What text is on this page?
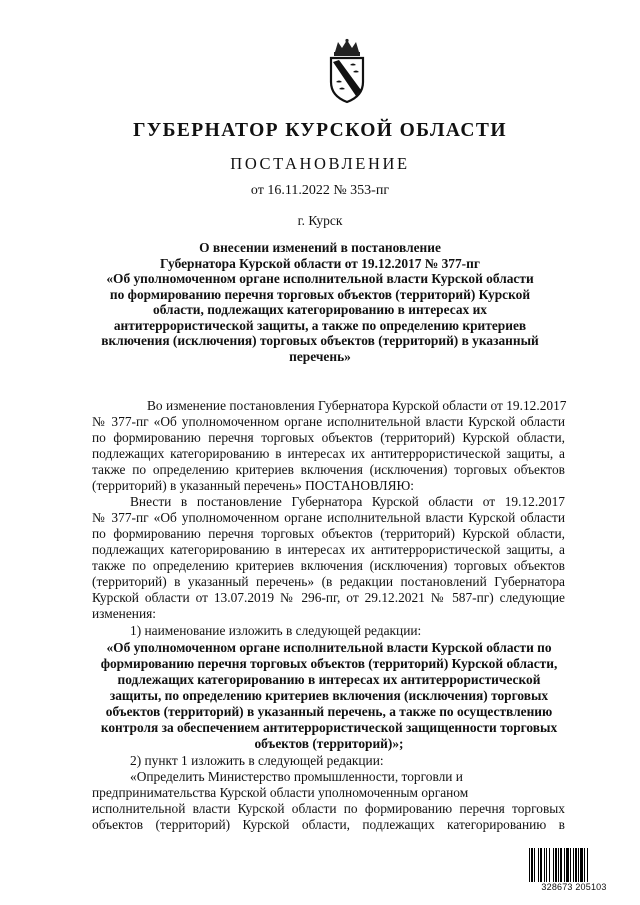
ГУБЕРНАТОР КУРСКОЙ ОБЛАСТИ
ПОСТАНОВЛЕНИЕ
от 16.11.2022 № 353-пг
г. Курск
О внесении изменений в постановление
Губернатора Курской области от 19.12.2017 № 377-пг
«Об уполномоченном органе исполнительной власти Курской области
по формированию перечня торговых объектов (территорий) Курской
области, подлежащих категорированию в интересах их
антитеррористической защиты, а также по определению критериев
включения (исключения) торговых объектов (территорий) в указанный
перечень»
Во изменение постановления Губернатора Курской области от 19.12.2017
№ 377-пг «Об уполномоченном органе исполнительной власти Курской области
по формированию перечня торговых объектов (территорий) Курской области,
подлежащих категорированию в интересах их антитеррористической защиты, а
также по определению критериев включения (исключения) торговых объектов
(территорий) в указанный перечень» ПОСТАНОВЛЯЮ:
Внести в постановление Губернатора Курской области от 19.12.2017
№ 377-пг «Об уполномоченном органе исполнительной власти Курской области
по формированию перечня торговых объектов (территорий) Курской области,
подлежащих категорированию в интересах их антитеррористической защиты, а
также по определению критериев включения (исключения) торговых объектов
(территорий) в указанный перечень» (в редакции постановлений Губернатора
Курской области от 13.07.2019 № 296-пг, от 29.12.2021 № 587-пг) следующие
изменения:
1) наименование изложить в следующей редакции:
«Об уполномоченном органе исполнительной власти Курской области по
формированию перечня торговых объектов (территорий) Курской области,
подлежащих категорированию в интересах их антитеррористической
защиты, по определению критериев включения (исключения) торговых
объектов (территорий) в указанный перечень, а также по осуществлению
контроля за обеспечением антитеррористической защищенности торговых
объектов (территорий)»;
2) пункт 1 изложить в следующей редакции:
«Определить Министерство промышленности, торговли и
предпринимательства Курской области уполномоченным органом
исполнительной власти Курской области по формированию перечня торговых
объектов (территорий) Курской области, подлежащих категорированию в
328673 205103
